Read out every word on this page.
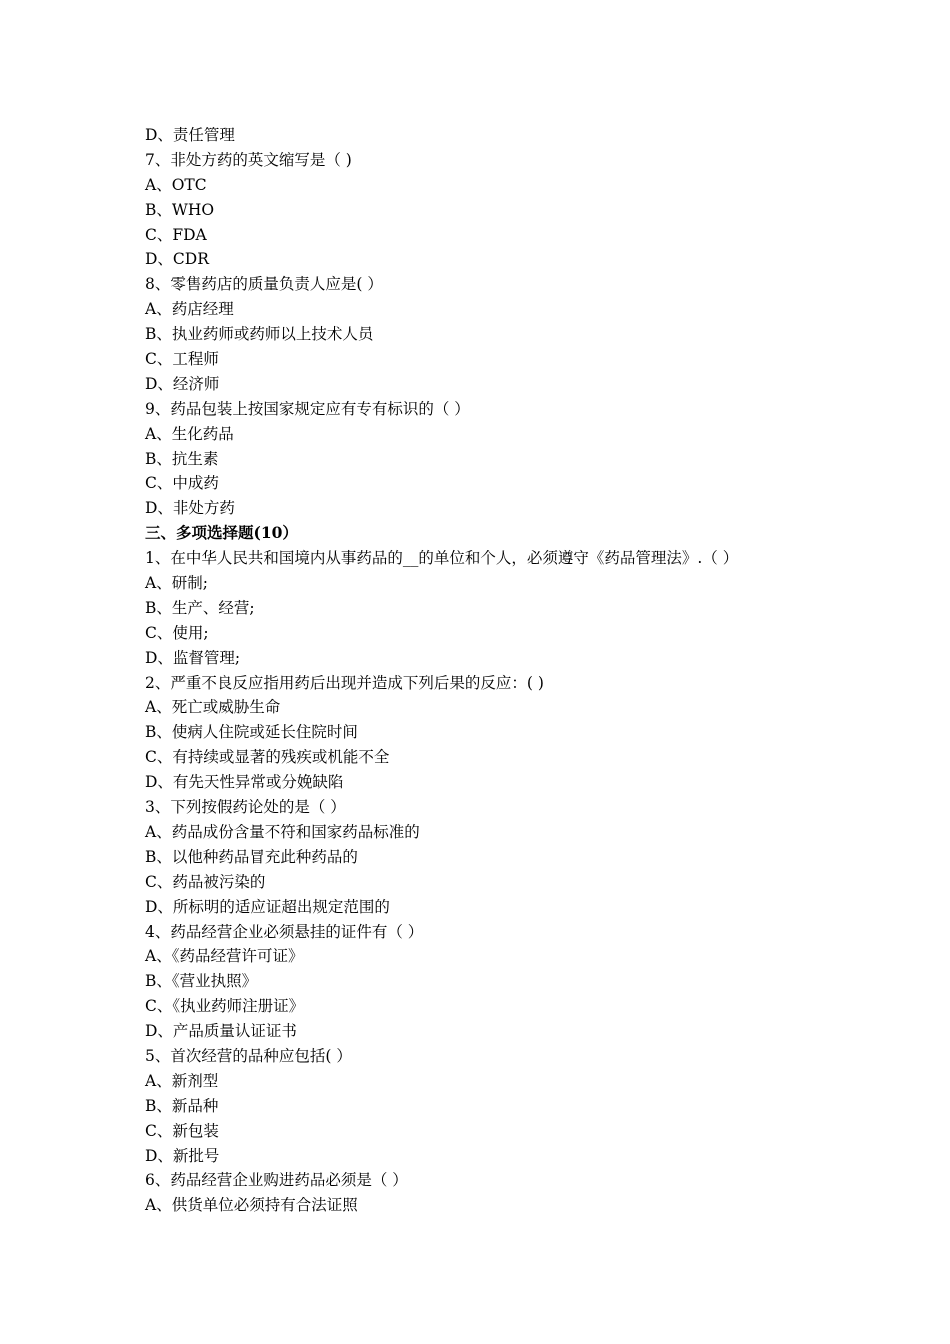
D、责任管理
7、非处方药的英文缩写是（ )
A、OTC
B、WHO
C、FDA
D、CDR
8、零售药店的质量负责人应是( ）
A、药店经理
B、执业药师或药师以上技术人员
C、工程师
D、经济师
9、药品包装上按国家规定应有专有标识的（ ）
A、生化药品
B、抗生素
C、中成药
D、非处方药
三、多项选择题(10）
1、在中华人民共和国境内从事药品的__的单位和个人，必须遵守《药品管理法》.（ ）
A、研制;
B、生产、经营;
C、使用;
D、监督管理;
2、严重不良反应指用药后出现并造成下列后果的反应：( )
A、死亡或威胁生命
B、使病人住院或延长住院时间
C、有持续或显著的残疾或机能不全
D、有先天性异常或分娩缺陷
3、下列按假药论处的是（ ）
A、药品成份含量不符和国家药品标准的
B、以他种药品冒充此种药品的
C、药品被污染的
D、所标明的适应证超出规定范围的
4、药品经营企业必须悬挂的证件有（ ）
A、《药品经营许可证》
B、《营业执照》
C、《执业药师注册证》
D、产品质量认证证书
5、首次经营的品种应包括( ）
A、新剂型
B、新品种
C、新包装
D、新批号
6、药品经营企业购进药品必须是（ ）
A、供货单位必须持有合法证照
